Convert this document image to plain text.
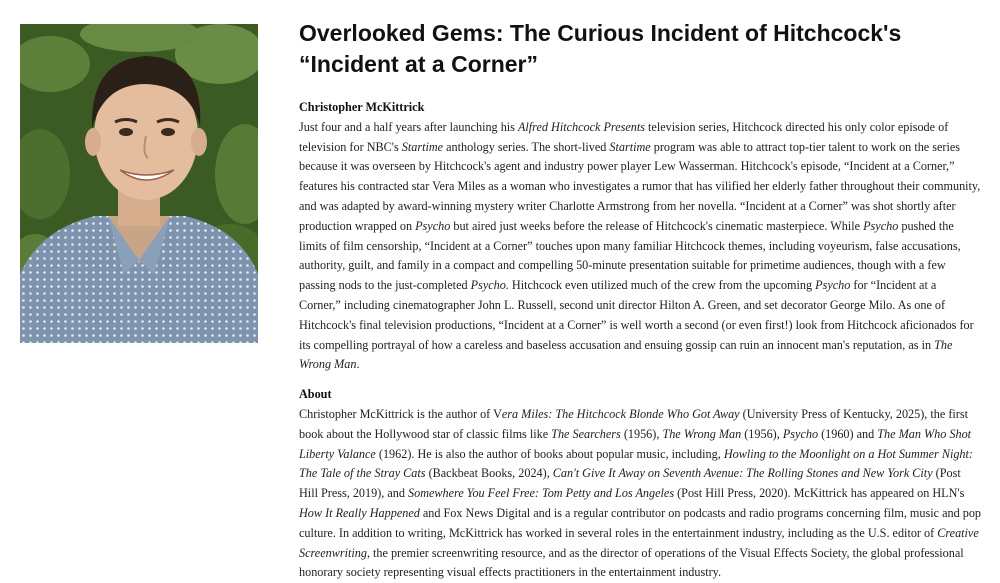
Overlooked Gems: The Curious Incident of Hitchcock's “Incident at a Corner”
Christopher McKittrick

Just four and a half years after launching his Alfred Hitchcock Presents television series, Hitchcock directed his only color episode of television for NBC's Startime anthology series. The short-lived Startime program was able to attract top-tier talent to work on the series because it was overseen by Hitchcock's agent and industry power player Lew Wasserman. Hitchcock's episode, “Incident at a Corner,” features his contracted star Vera Miles as a woman who investigates a rumor that has vilified her elderly father throughout their community, and was adapted by award-winning mystery writer Charlotte Armstrong from her novella. “Incident at a Corner” was shot shortly after production wrapped on Psycho but aired just weeks before the release of Hitchcock's cinematic masterpiece. While Psycho pushed the limits of film censorship, “Incident at a Corner” touches upon many familiar Hitchcock themes, including voyeurism, false accusations, authority, guilt, and family in a compact and compelling 50-minute presentation suitable for primetime audiences, though with a few passing nods to the just-completed Psycho. Hitchcock even utilized much of the crew from the upcoming Psycho for “Incident at a Corner,” including cinematographer John L. Russell, second unit director Hilton A. Green, and set decorator George Milo. As one of Hitchcock's final television productions, “Incident at a Corner” is well worth a second (or even first!) look from Hitchcock aficionados for its compelling portrayal of how a careless and baseless accusation and ensuing gossip can ruin an innocent man's reputation, as in The Wrong Man.

About

Christopher McKittrick is the author of Vera Miles: The Hitchcock Blonde Who Got Away (University Press of Kentucky, 2025), the first book about the Hollywood star of classic films like The Searchers (1956), The Wrong Man (1956), Psycho (1960) and The Man Who Shot Liberty Valance (1962). He is also the author of books about popular music, including, Howling to the Moonlight on a Hot Summer Night: The Tale of the Stray Cats (Backbeat Books, 2024), Can't Give It Away on Seventh Avenue: The Rolling Stones and New York City (Post Hill Press, 2019), and Somewhere You Feel Free: Tom Petty and Los Angeles (Post Hill Press, 2020). McKittrick has appeared on HLN's How It Really Happened and Fox News Digital and is a regular contributor on podcasts and radio programs concerning film, music and pop culture. In addition to writing, McKittrick has worked in several roles in the entertainment industry, including as the U.S. editor of Creative Screenwriting, the premier screenwriting resource, and as the director of operations of the Visual Effects Society, the global professional honorary society representing visual effects practitioners in the entertainment industry.
